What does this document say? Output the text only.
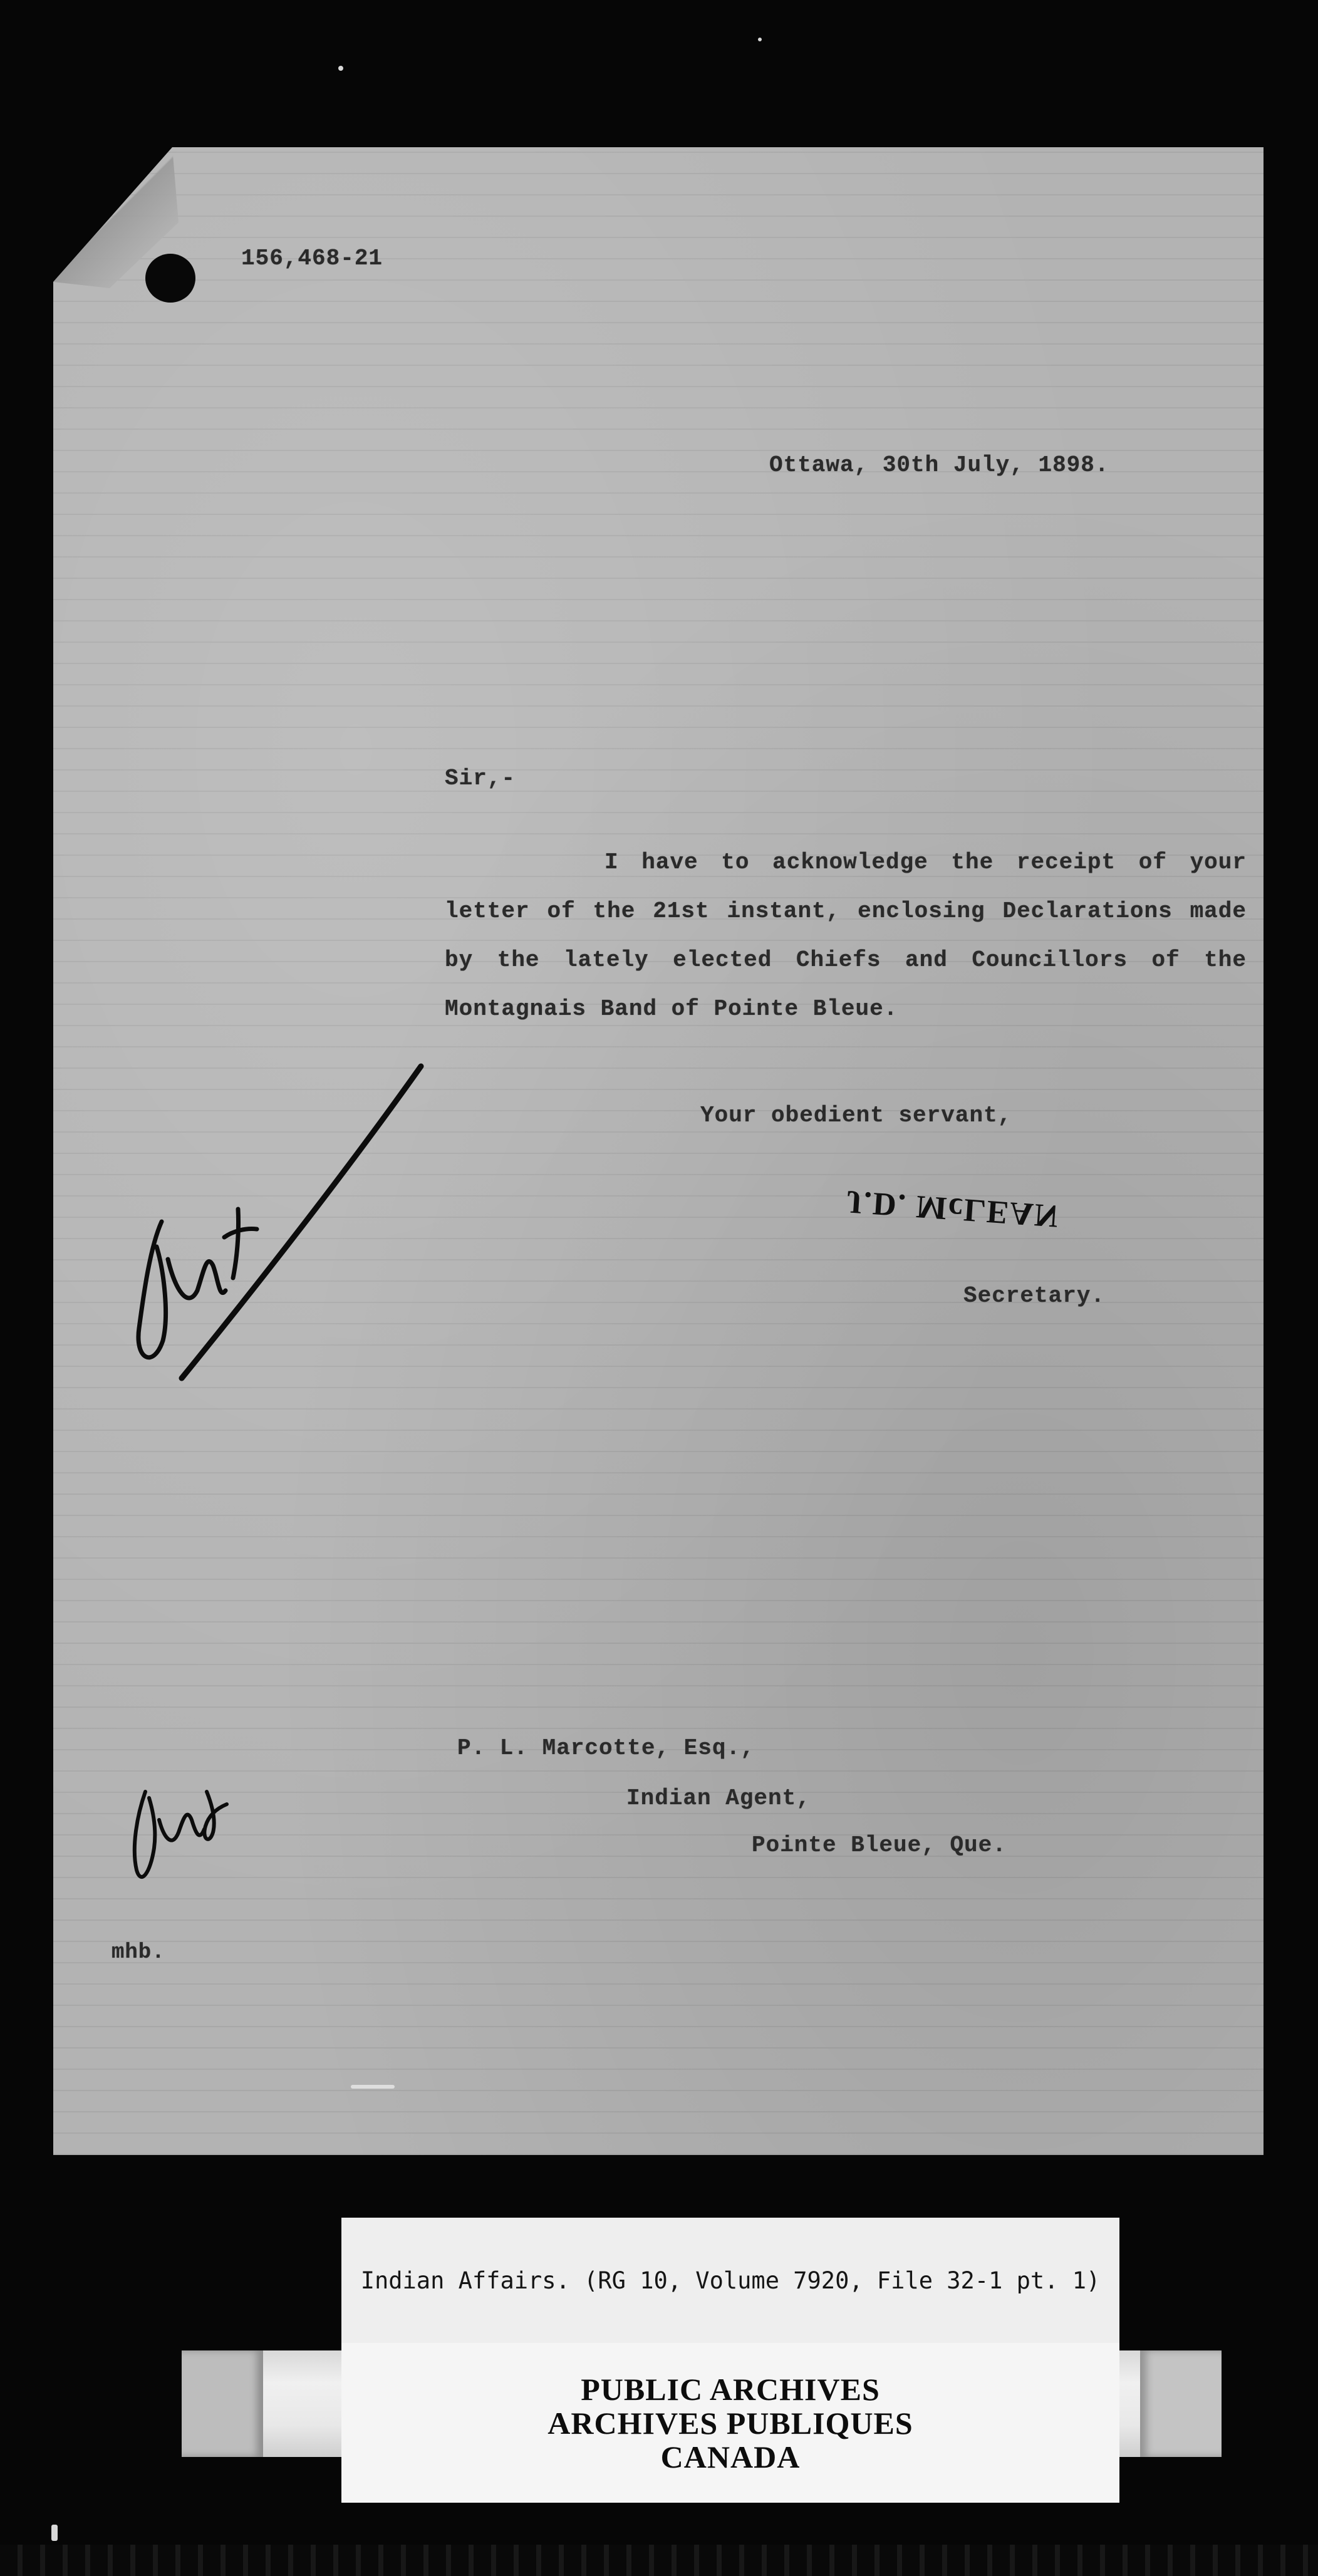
156,468-21
Ottawa, 30th July, 1898.
Sir,-
I have to acknowledge the receipt of your letter of the 21st instant, enclosing Declarations made by the lately elected Chiefs and Councillors of the Montagnais Band of Pointe Bleue.
Your obedient servant,
J.D. McLEAN
Secretary.
P. L. Marcotte, Esq.,
Indian Agent,
Pointe Bleue, Que.
mhb.
Indian Affairs. (RG 10, Volume 7920, File 32-1 pt. 1)
PUBLIC ARCHIVES
ARCHIVES PUBLIQUES
CANADA
